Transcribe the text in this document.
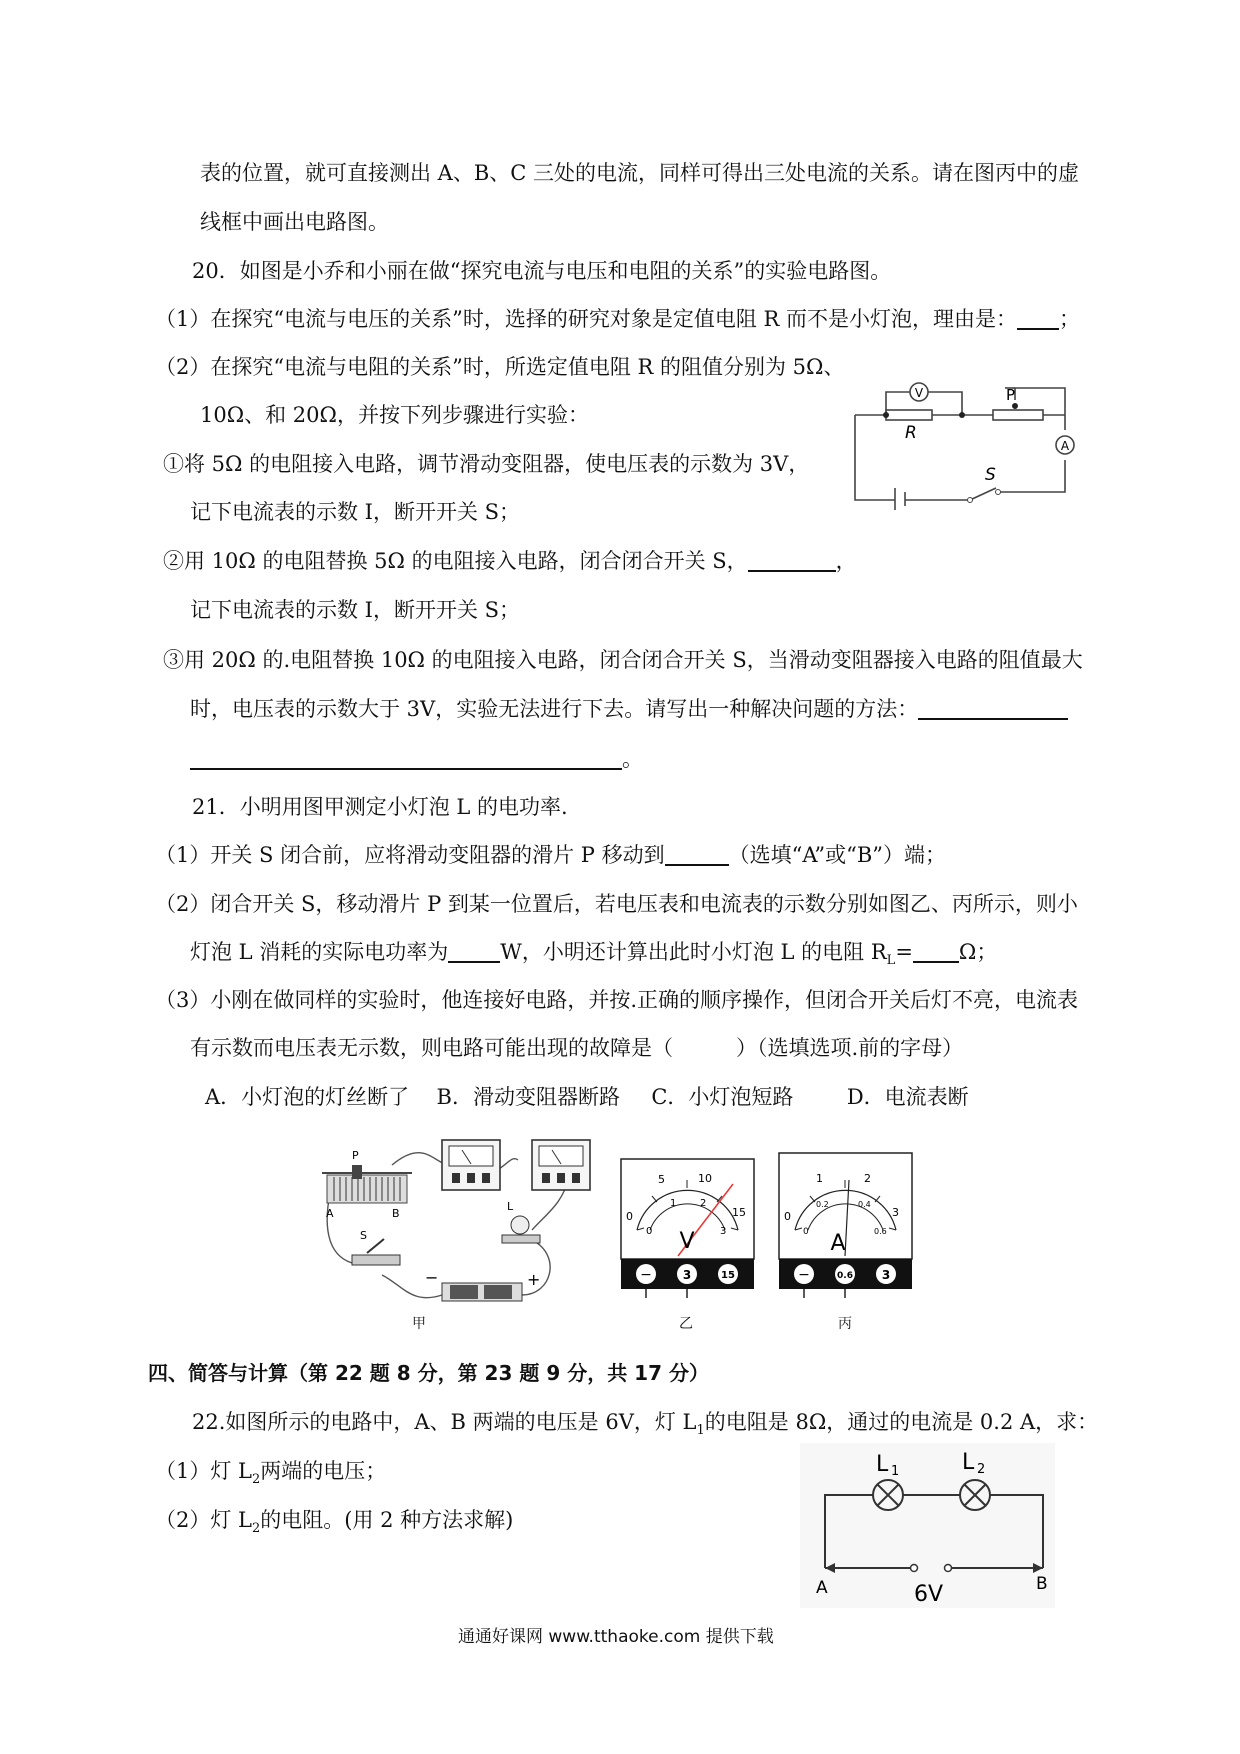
表的位置，就可直接测出 A、B、C 三处的电流，同样可得出三处电流的关系。请在图丙中的虚
线框中画出电路图。
20．如图是小乔和小丽在做“探究电流与电压和电阻的关系”的实验电路图。
（1）在探究“电流与电压的关系”时，选择的研究对象是定值电阻 R 而不是小灯泡，理由是： ；
（2）在探究“电流与电阻的关系”时，所选定值电阻 R 的阻值分别为 5Ω、
10Ω、和 20Ω，并按下列步骤进行实验：
①将 5Ω 的电阻接入电路，调节滑动变阻器，使电压表的示数为 3V，
记下电流表的示数 I，断开开关 S；
②用 10Ω 的电阻替换 5Ω 的电阻接入电路，闭合闭合开关 S，	，
记下电流表的示数 I，断开开关 S；
③用 20Ω 的.电阻替换 10Ω 的电阻接入电路，闭合闭合开关 S，当滑动变阻器接入电路的阻值最大
时，电压表的示数大于 3V，实验无法进行下去。请写出一种解决问题的方法：
。
V	P
R
A
S
21．小明用图甲测定小灯泡 L 的电功率.
（1）开关 S 闭合前，应将滑动变阻器的滑片 P 移动到	（选填“A”或“B”）端；
（2）闭合开关 S，移动滑片 P 到某一位置后，若电压表和电流表的示数分别如图乙、丙所示，则小
灯泡 L 消耗的实际电功率为 W，小明还计算出此时小灯泡 L 的电阻 $R_L= \Omega$；
（3）小刚在做同样的实验时，他连接好电路，并按.正确的顺序操作，但闭合开关后灯不亮，电流表
有示数而电压表无示数，则电路可能出现的故障是（　　　）（选填选项.前的字母）
A．小灯泡的灯丝断了 B．滑动变阻器断路 C．小灯泡短路	D．电流表断
P
A	B
S
L
−	+
甲
0
5	10
15
0
1 2
3
V
−	3	15
乙
0
1	2
3
0
0.2	0.4
0.6
A
−	0.6 3
丙
四、简答与计算（第 22 题 8 分，第 23 题 9 分，共 17 分）
22.如图所示的电路中，A、B 两端的电压是 6V，灯 $L_1$的电阻是 8Ω，通过的电流是 0.2 A，求：
（1）灯 $L_2$两端的电压；
（2）灯 $L_2$的电阻。(用 2 种方法求解)
L 1	L 2
A	B
6V
通通好课网 www.tthaoke.com 提供下载
